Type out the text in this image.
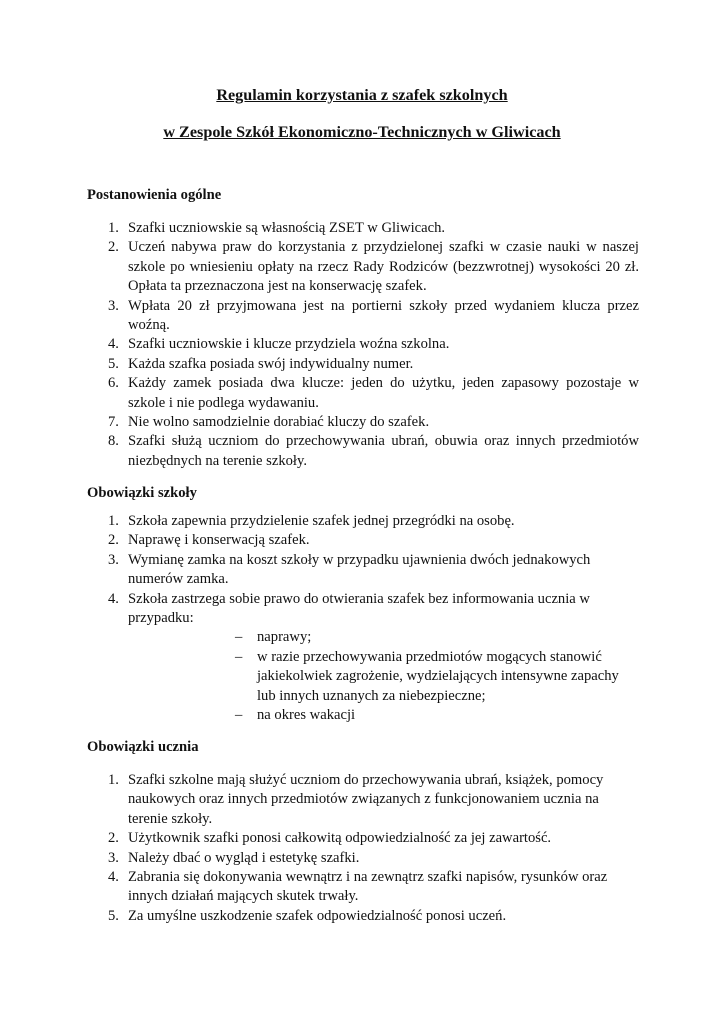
Regulamin korzystania z szafek szkolnych
w Zespole Szkół Ekonomiczno-Technicznych w Gliwicach
Postanowienia ogólne
1. Szafki uczniowskie są własnością ZSET w Gliwicach.
2. Uczeń nabywa praw do korzystania z przydzielonej szafki w czasie nauki w naszej szkole po wniesieniu opłaty na rzecz Rady Rodziców (bezzwrotnej) wysokości 20 zł. Opłata ta przeznaczona jest na konserwację szafek.
3. Wpłata 20 zł przyjmowana jest na portierni szkoły przed wydaniem klucza przez woźną.
4. Szafki uczniowskie i klucze przydziela woźna szkolna.
5. Każda szafka posiada swój indywidualny numer.
6. Każdy zamek posiada dwa klucze: jeden do użytku, jeden zapasowy pozostaje w szkole i nie podlega wydawaniu.
7. Nie wolno samodzielnie dorabiać kluczy do szafek.
8. Szafki służą uczniom do przechowywania ubrań, obuwia oraz innych przedmiotów niezbędnych na terenie szkoły.
Obowiązki szkoły
1. Szkoła zapewnia przydzielenie szafek jednej przegródki na osobę.
2. Naprawę i konserwacją szafek.
3. Wymianę zamka na koszt szkoły w przypadku ujawnienia dwóch jednakowych numerów zamka.
4. Szkoła zastrzega sobie prawo do otwierania szafek bez informowania ucznia w przypadku:
– naprawy;
– w razie przechowywania przedmiotów mogących stanowić jakiekolwiek zagrożenie, wydzielających intensywne zapachy lub innych uznanych za niebezpieczne;
– na okres wakacji
Obowiązki ucznia
1. Szafki szkolne mają służyć uczniom do przechowywania ubrań, książek, pomocy naukowych oraz innych przedmiotów związanych z funkcjonowaniem ucznia na terenie szkoły.
2. Użytkownik szafki ponosi całkowitą odpowiedzialność za jej zawartość.
3. Należy dbać o wygląd i estetykę szafki.
4. Zabrania się dokonywania wewnątrz i na zewnątrz szafki napisów, rysunków oraz innych działań mających skutek trwały.
5. Za umyślne uszkodzenie szafek odpowiedzialność ponosi uczeń.
